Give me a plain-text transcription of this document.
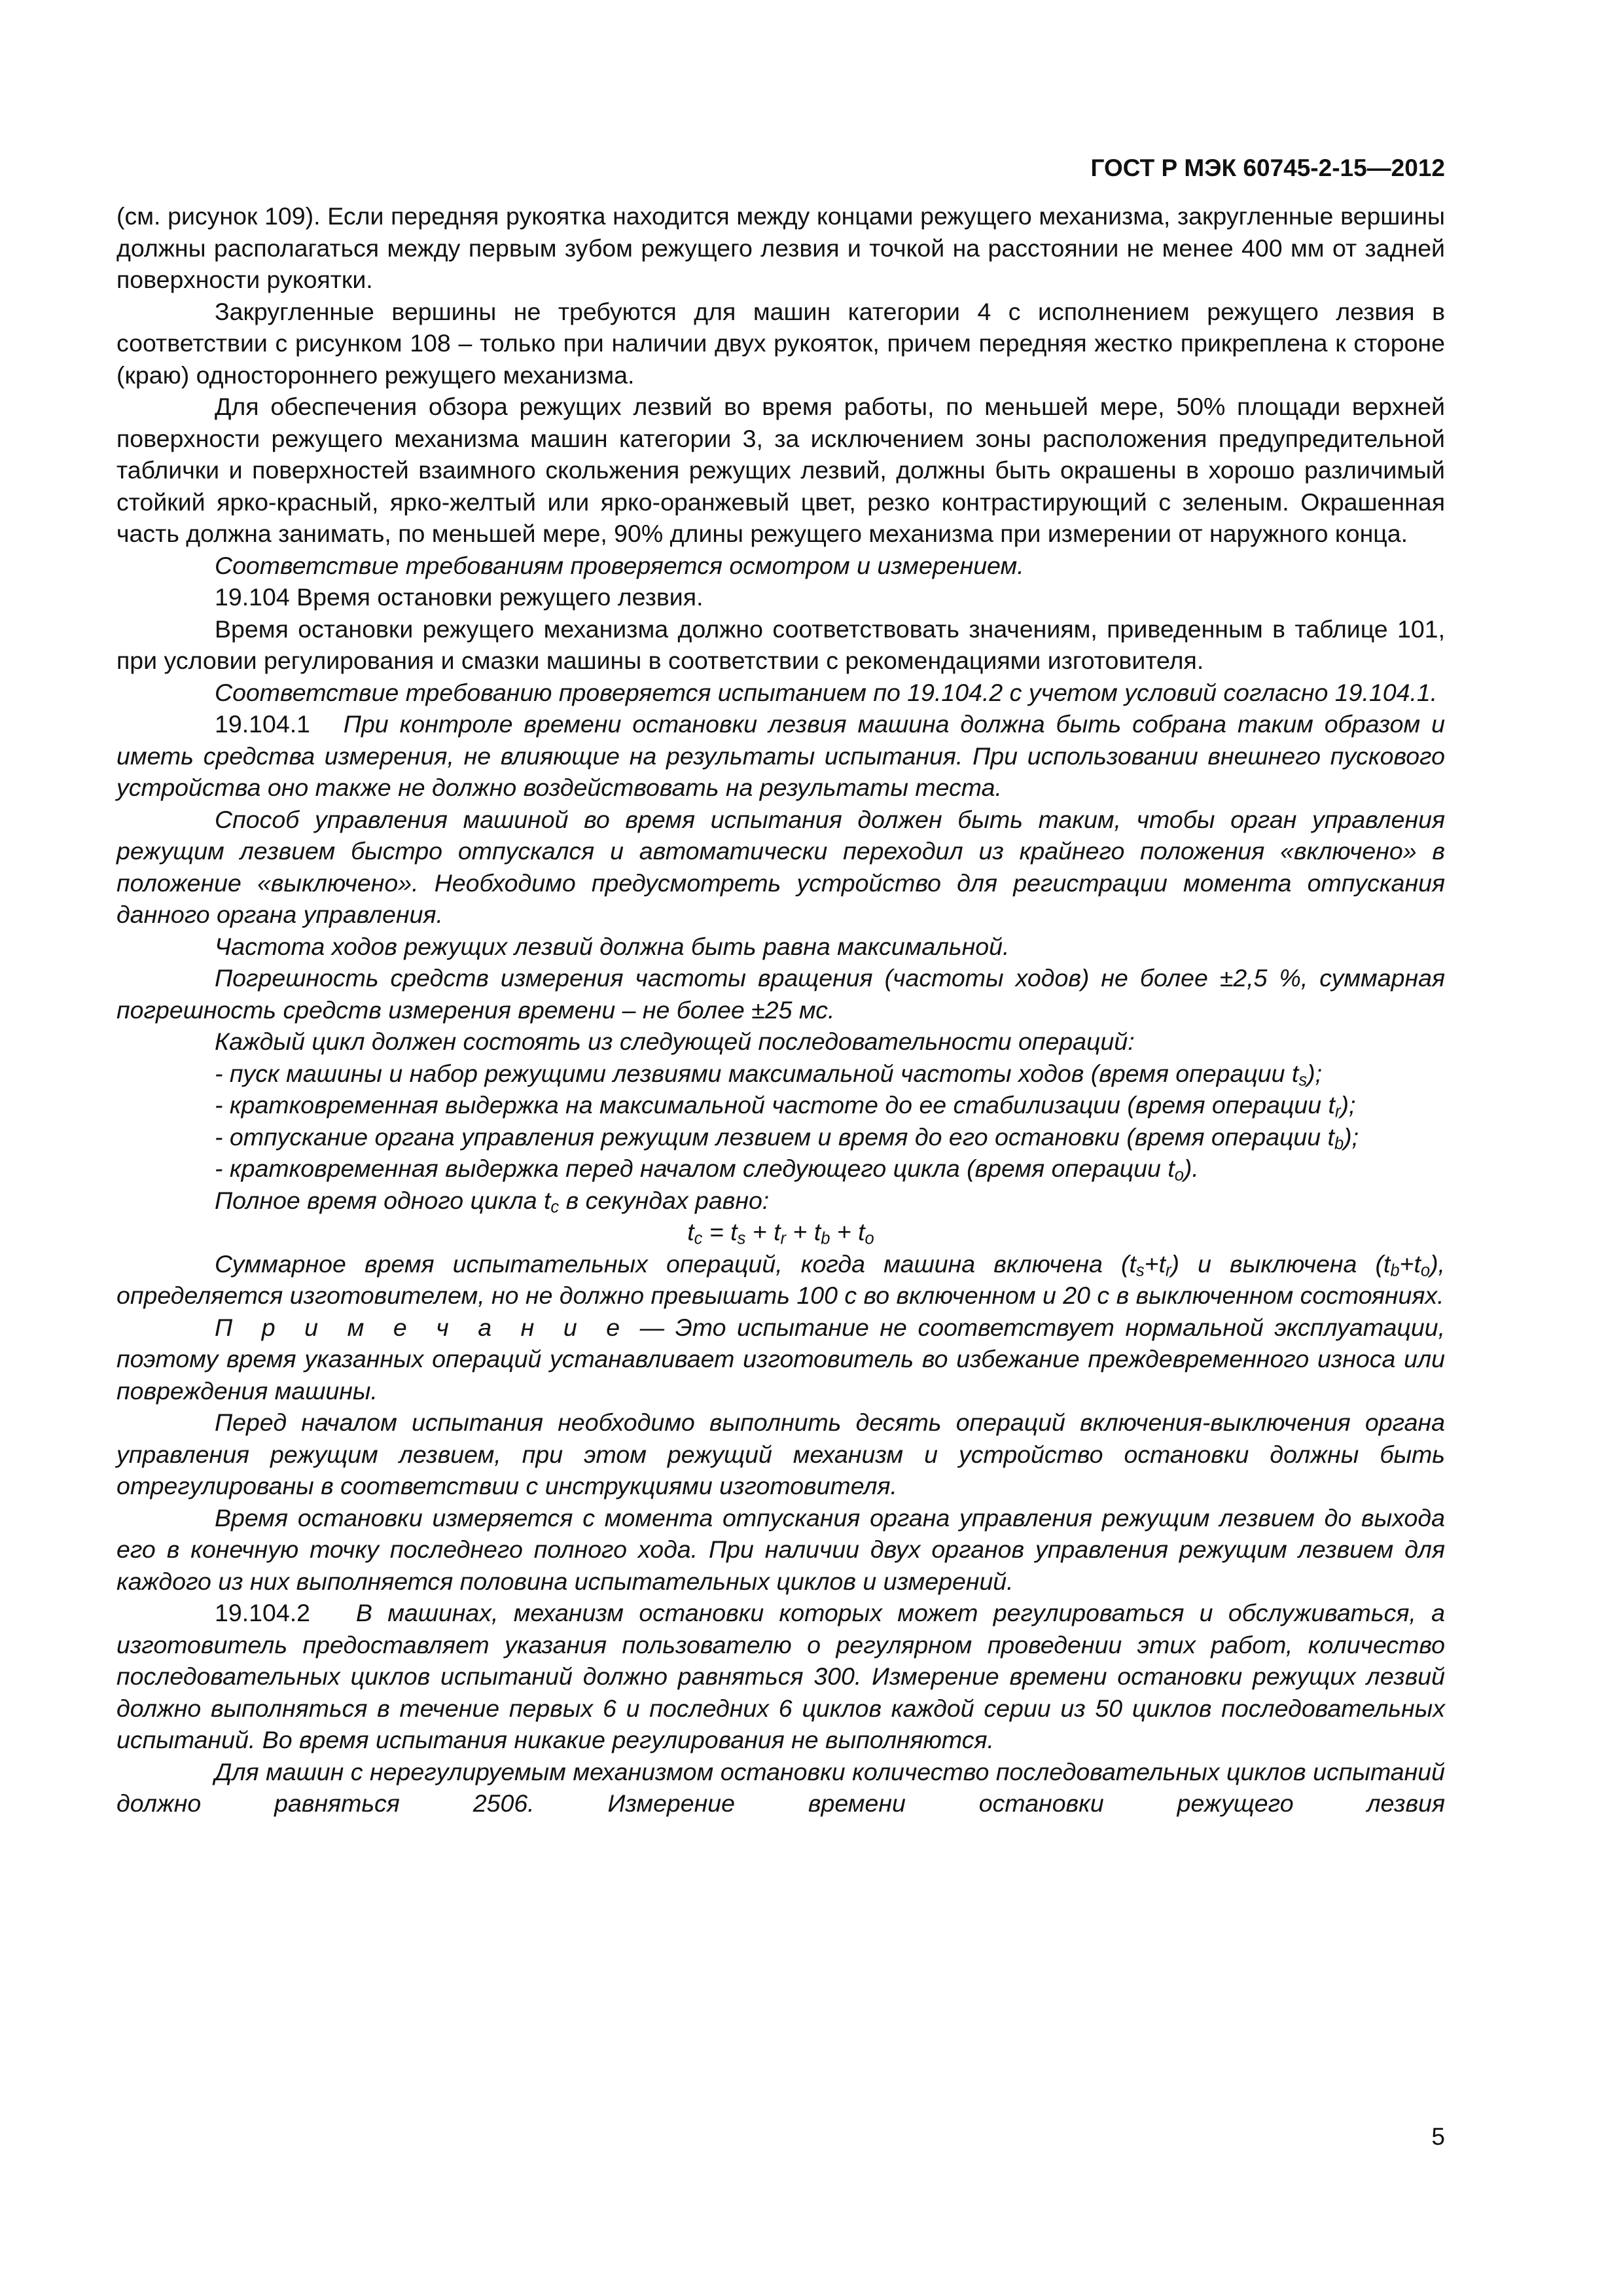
ГОСТ Р МЭК 60745-2-15—2012

(см. рисунок 109). Если передняя рукоятка находится между концами режущего механизма, закругленные вершины должны располагаться между первым зубом режущего лезвия и точкой на расстоянии не менее 400 мм от задней поверхности рукоятки.

Закругленные вершины не требуются для машин категории 4 с исполнением режущего лезвия в соответствии с рисунком 108 – только при наличии двух рукояток, причем передняя жестко прикреплена к стороне (краю) одностороннего режущего механизма.

Для обеспечения обзора режущих лезвий во время работы, по меньшей мере, 50% площади верхней поверхности режущего механизма машин категории 3, за исключением зоны расположения предупредительной таблички и поверхностей взаимного скольжения режущих лезвий, должны быть окрашены в хорошо различимый стойкий ярко-красный, ярко-желтый или ярко-оранжевый цвет, резко контрастирующий с зеленым. Окрашенная часть должна занимать, по меньшей мере, 90% длины режущего механизма при измерении от наружного конца.

Соответствие требованиям проверяется осмотром и измерением.

19.104 Время остановки режущего лезвия.

Время остановки режущего механизма должно соответствовать значениям, приведенным в таблице 101, при условии регулирования и смазки машины в соответствии с рекомендациями изготовителя.

Соответствие требованию проверяется испытанием по 19.104.2 с учетом условий согласно 19.104.1.

19.104.1 При контроле времени остановки лезвия машина должна быть собрана таким образом и иметь средства измерения, не влияющие на результаты испытания. При использовании внешнего пускового устройства оно также не должно воздействовать на результаты теста.

Способ управления машиной во время испытания должен быть таким, чтобы орган управления режущим лезвием быстро отпускался и автоматически переходил из крайнего положения «включено» в положение «выключено». Необходимо предусмотреть устройство для регистрации момента отпускания данного органа управления.

Частота ходов режущих лезвий должна быть равна максимальной.

Погрешность средств измерения частоты вращения (частоты ходов) не более ±2,5 %, суммарная погрешность средств измерения времени – не более ±25 мс.

Каждый цикл должен состоять из следующей последовательности операций:

- пуск машины и набор режущими лезвиями максимальной частоты ходов (время операции $t_s$);

- кратковременная выдержка на максимальной частоте до ее стабилизации (время операции $t_r$);

- отпускание органа управления режущим лезвием и время до его остановки (время операции $t_b$);

- кратковременная выдержка перед началом следующего цикла (время операции $t_o$).

Полное время одного цикла $t_c$ в секундах равно:

$t_c = t_s + t_r + t_b + t_o$

Суммарное время испытательных операций, когда машина включена $(t_s+t_r)$ и выключена $(t_b+t_o)$, определяется изготовителем, но не должно превышать 100 с во включенном и 20 с в выключенном состояниях.

П р и м е ч а н и е — Это испытание не соответствует нормальной эксплуатации, поэтому время указанных операций устанавливает изготовитель во избежание преждевременного износа или повреждения машины.

Перед началом испытания необходимо выполнить десять операций включения-выключения органа управления режущим лезвием, при этом режущий механизм и устройство остановки должны быть отрегулированы в соответствии с инструкциями изготовителя.

Время остановки измеряется с момента отпускания органа управления режущим лезвием до выхода его в конечную точку последнего полного хода. При наличии двух органов управления режущим лезвием для каждого из них выполняется половина испытательных циклов и измерений.

19.104.2 В машинах, механизм остановки которых может регулироваться и обслуживаться, а изготовитель предоставляет указания пользователю о регулярном проведении этих работ, количество последовательных циклов испытаний должно равняться 300. Измерение времени остановки режущих лезвий должно выполняться в течение первых 6 и последних 6 циклов каждой серии из 50 циклов последовательных испытаний. Во время испытания никакие регулирования не выполняются.

Для машин с нерегулируемым механизмом остановки количество последовательных циклов испытаний должно равняться 2506. Измерение времени остановки режущего лезвия

5
